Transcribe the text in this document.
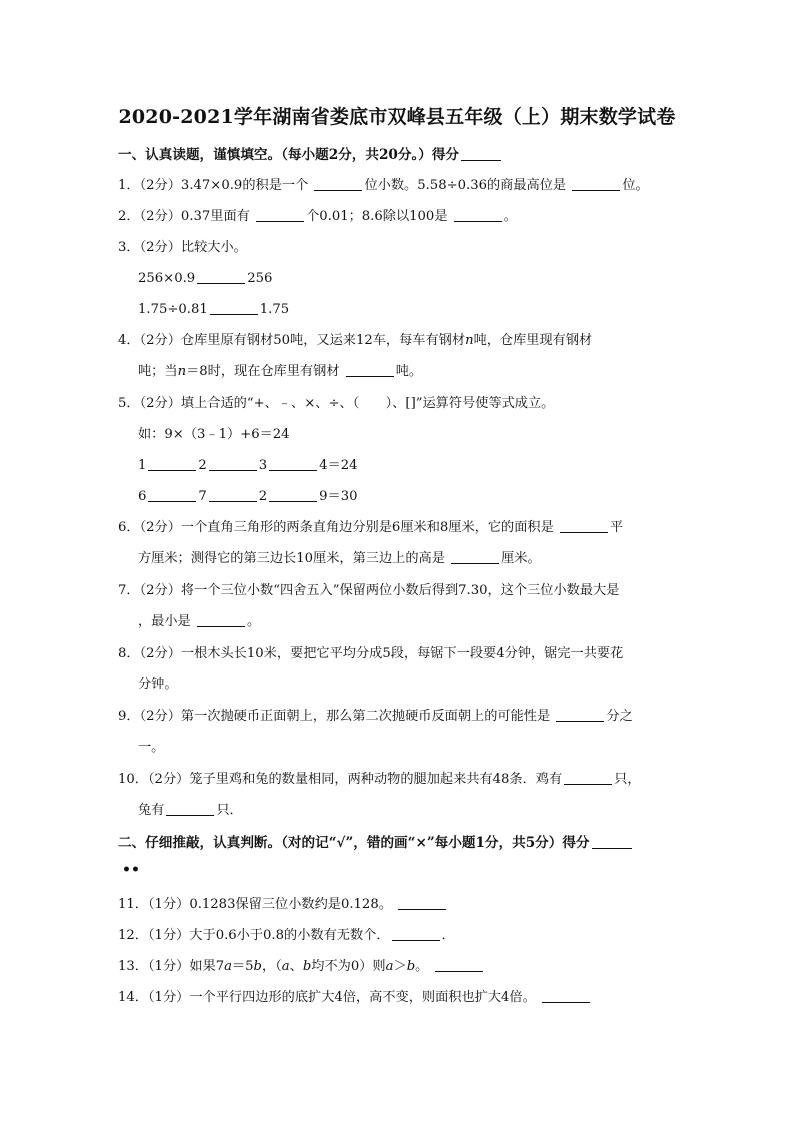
2020-2021学年湖南省娄底市双峰县五年级（上）期末数学试卷
一、认真读题，谨慎填空。（每小题2分，共20分。）得分
1．（2分）3.47×0.9的积是一个	位小数。5.58÷0.36的商最高位是	位。
2．（2分）0.37里面有	个0.01；8.6除以100是	。
3．（2分）比较大小。
256×0.9	256
1.75÷0.81	1.75
4．（2分）仓库里原有钢材50吨，又运来12车，每车有钢材n吨，仓库里现有钢材
吨；当n＝8时，现在仓库里有钢材	吨。
5．（2分）填上合适的“+、﹣、×、÷、（　　）、[]”运算符号使等式成立。
如：9×（3﹣1）+6＝24
1	2	3	4＝24
6	7	2	9＝30
6．（2分）一个直角三角形的两条直角边分别是6厘米和8厘米，它的面积是	平
方厘米；测得它的第三边长10厘米，第三边上的高是	厘米。
7．（2分）将一个三位小数“四舍五入”保留两位小数后得到7.30，这个三位小数最大是
，最小是	。
8．（2分）一根木头长10米，要把它平均分成5段，每锯下一段要4分钟，锯完一共要花
分钟。
9．（2分）第一次抛硬币正面朝上，那么第二次抛硬币反面朝上的可能性是	分之
一。
10．（2分）笼子里鸡和兔的数量相同，两种动物的腿加起来共有48条．鸡有	只，
兔有	只．
二、仔细推敲，认真判断。（对的记“√”，错的画“×”每小题1分，共5分）得分
••
11．（1分）0.1283保留三位小数约是0.128。
12．（1分）大于0.6小于0.8的小数有无数个．	．
13．（1分）如果7a＝5b，（a、b均不为0）则a＞b。
14．（1分）一个平行四边形的底扩大4倍，高不变，则面积也扩大4倍。
